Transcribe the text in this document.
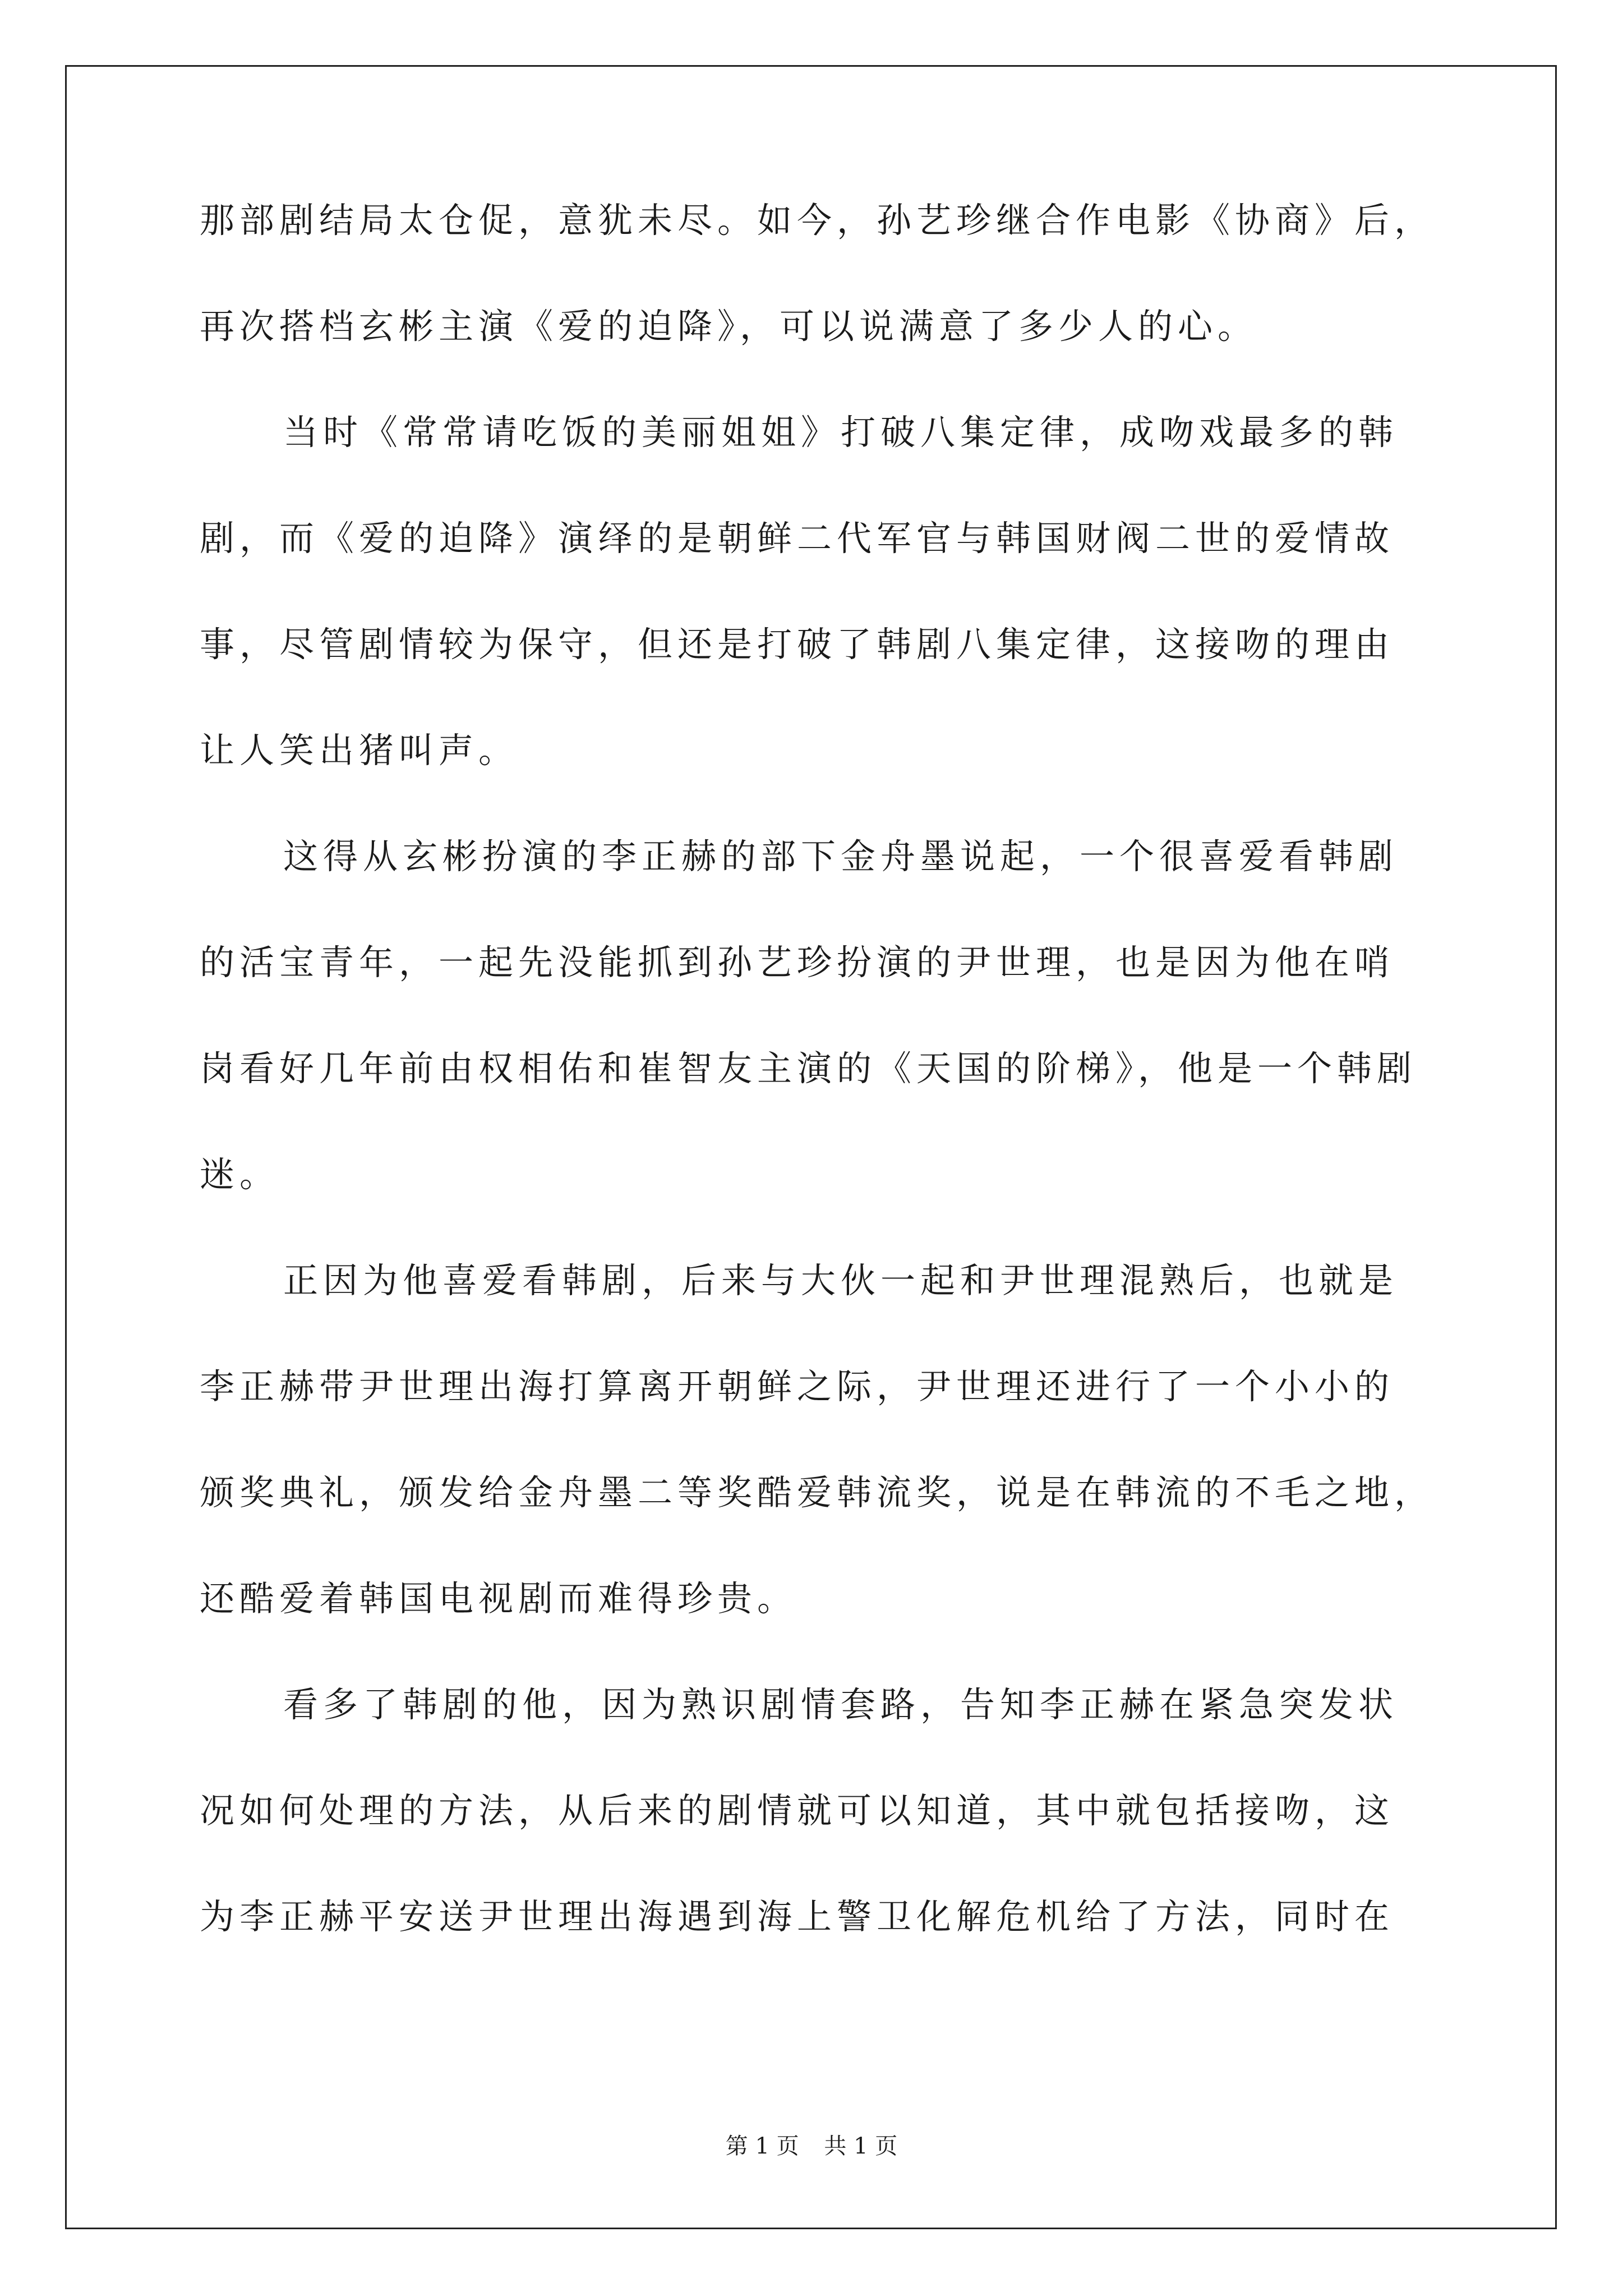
那部剧结局太仓促，意犹未尽。如今，孙艺珍继合作电影《协商》后，
再次搭档玄彬主演《爱的迫降》，可以说满意了多少人的心。
当时《常常请吃饭的美丽姐姐》打破八集定律，成吻戏最多的韩
剧，而《爱的迫降》演绎的是朝鲜二代军官与韩国财阀二世的爱情故
事，尽管剧情较为保守，但还是打破了韩剧八集定律，这接吻的理由
让人笑出猪叫声。
这得从玄彬扮演的李正赫的部下金舟墨说起，一个很喜爱看韩剧
的活宝青年，一起先没能抓到孙艺珍扮演的尹世理，也是因为他在哨
岗看好几年前由权相佑和崔智友主演的《天国的阶梯》，他是一个韩剧
迷。
正因为他喜爱看韩剧，后来与大伙一起和尹世理混熟后，也就是
李正赫带尹世理出海打算离开朝鲜之际，尹世理还进行了一个小小的
颁奖典礼，颁发给金舟墨二等奖酷爱韩流奖，说是在韩流的不毛之地，
还酷爱着韩国电视剧而难得珍贵。
看多了韩剧的他，因为熟识剧情套路，告知李正赫在紧急突发状
况如何处理的方法，从后来的剧情就可以知道，其中就包括接吻，这
为李正赫平安送尹世理出海遇到海上警卫化解危机给了方法，同时在
第 1 页 共 1 页
